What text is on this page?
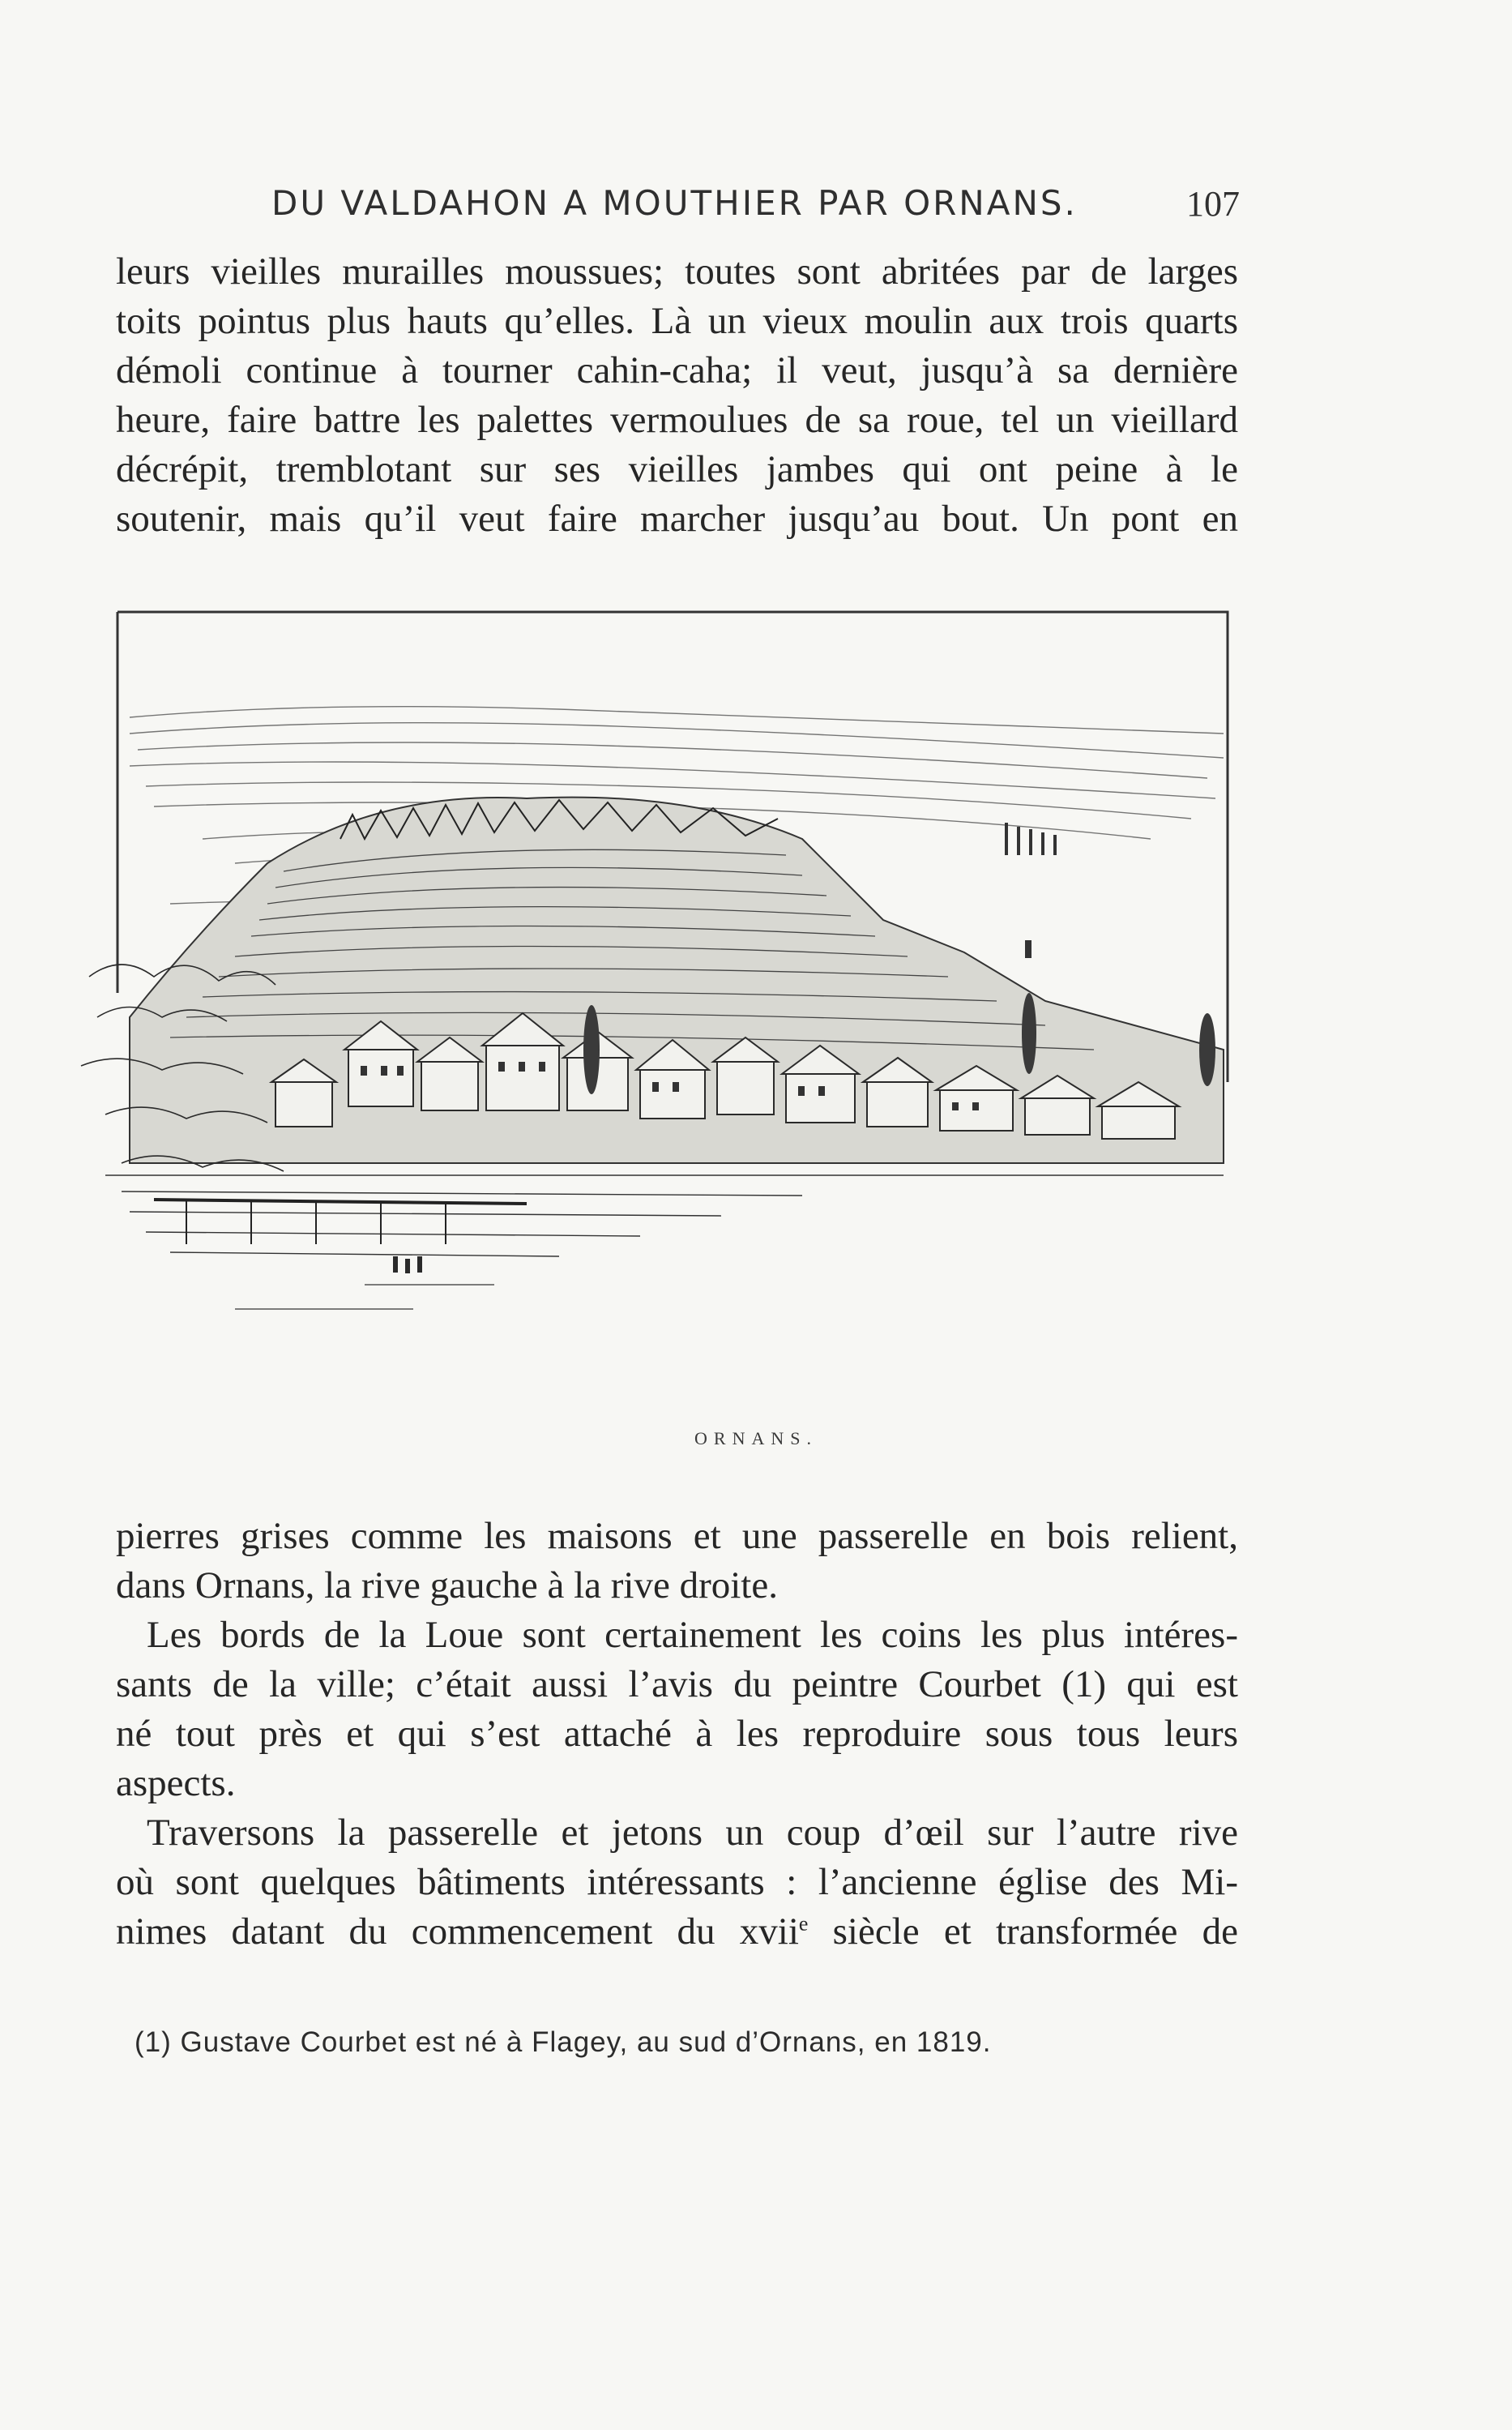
DU VALDAHON A MOUTHIER PAR ORNANS.	107
leurs vieilles murailles moussues; toutes sont abritées par de larges
toits pointus plus hauts qu’elles. Là un vieux moulin aux trois quarts
démoli continue à tourner cahin-caha; il veut, jusqu’à sa dernière
heure, faire battre les palettes vermoulues de sa roue, tel un vieillard
décrépit, tremblotant sur ses vieilles jambes qui ont peine à le
soutenir, mais qu’il veut faire marcher jusqu’au bout. Un pont en
ORNANS.
pierres grises comme les maisons et une passerelle en bois relient,
dans Ornans, la rive gauche à la rive droite.
Les bords de la Loue sont certainement les coins les plus intéres-
sants de la ville; c’était aussi l’avis du peintre Courbet (1) qui est
né tout près et qui s’est attaché à les reproduire sous tous leurs
aspects.
Traversons la passerelle et jetons un coup d’œil sur l’autre rive
où sont quelques bâtiments intéressants : l’ancienne église des Mi-
nimes datant du commencement du xvii$^e$ siècle et transformée de
(1) Gustave Courbet est né à Flagey, au sud d’Ornans, en 1819.
